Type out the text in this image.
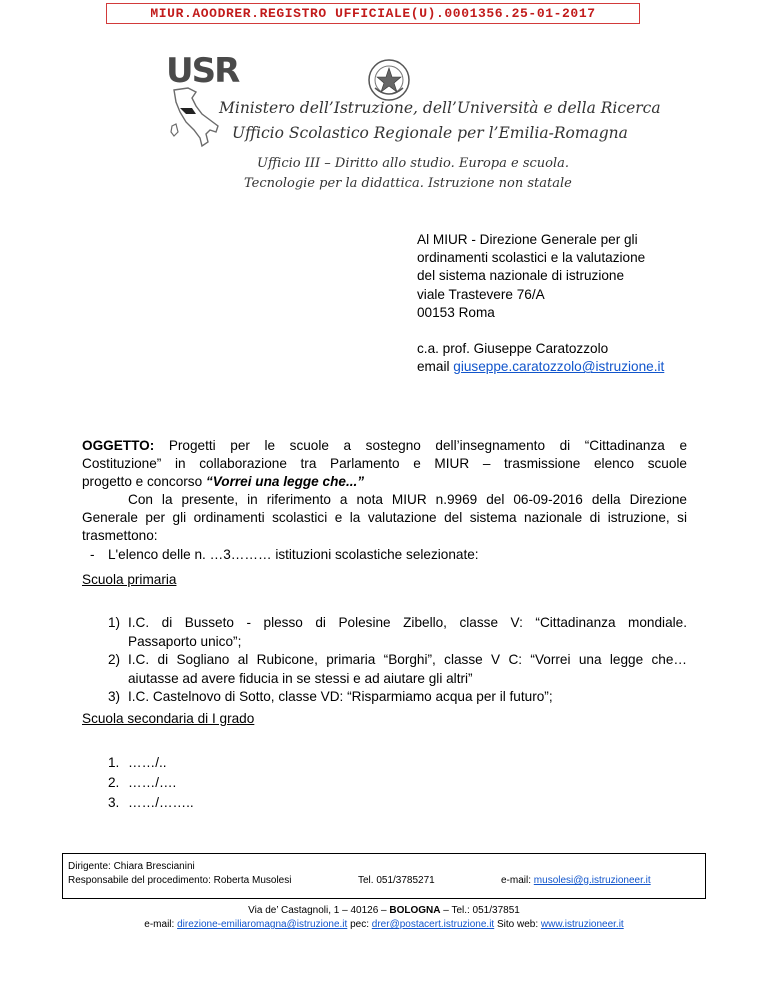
MIUR.AOODRER.REGISTRO UFFICIALE(U).0001356.25-01-2017
USR
Ministero dell’Istruzione, dell’Università e della Ricerca
Ufficio Scolastico Regionale per l’Emilia-Romagna
Ufficio III – Diritto allo studio. Europa e scuola.
Tecnologie per la didattica. Istruzione non statale
Al MIUR - Direzione Generale per gli
ordinamenti scolastici e la valutazione
del sistema nazionale di istruzione
viale Trastevere 76/A
00153 Roma
c.a. prof. Giuseppe Caratozzolo
email giuseppe.caratozzolo@istruzione.it
OGGETTO: Progetti per le scuole a sostegno dell’insegnamento di “Cittadinanza e
Costituzione” in collaborazione tra Parlamento e MIUR – trasmissione elenco scuole
progetto e concorso “Vorrei una legge che...”
Con la presente, in riferimento a nota MIUR n.9969 del 06-09-2016 della Direzione
Generale per gli ordinamenti scolastici e la valutazione del sistema nazionale di istruzione, si
trasmettono:
- L'elenco delle n. …3……… istituzioni scolastiche selezionate:
Scuola primaria
1) I.C. di Busseto - plesso di Polesine Zibello, classe V: “Cittadinanza mondiale.
Passaporto unico”;
2) I.C. di Sogliano al Rubicone, primaria “Borghi”, classe V C: “Vorrei una legge che…
aiutasse ad avere fiducia in se stessi e ad aiutare gli altri”
3) I.C. Castelnovo di Sotto, classe VD: “Risparmiamo acqua per il futuro”;
Scuola secondaria di I grado
1. ……/..
2. ……/….
3. ……/……..
Dirigente: Chiara Brescianini
Responsabile del procedimento: Roberta Musolesi	Tel. 051/3785271	e-mail: musolesi@g.istruzioneer.it
Via de’ Castagnoli, 1 – 40126 – BOLOGNA – Tel.: 051/37851
e-mail: direzione-emiliaromagna@istruzione.it pec: drer@postacert.istruzione.it Sito web: www.istruzioneer.it
